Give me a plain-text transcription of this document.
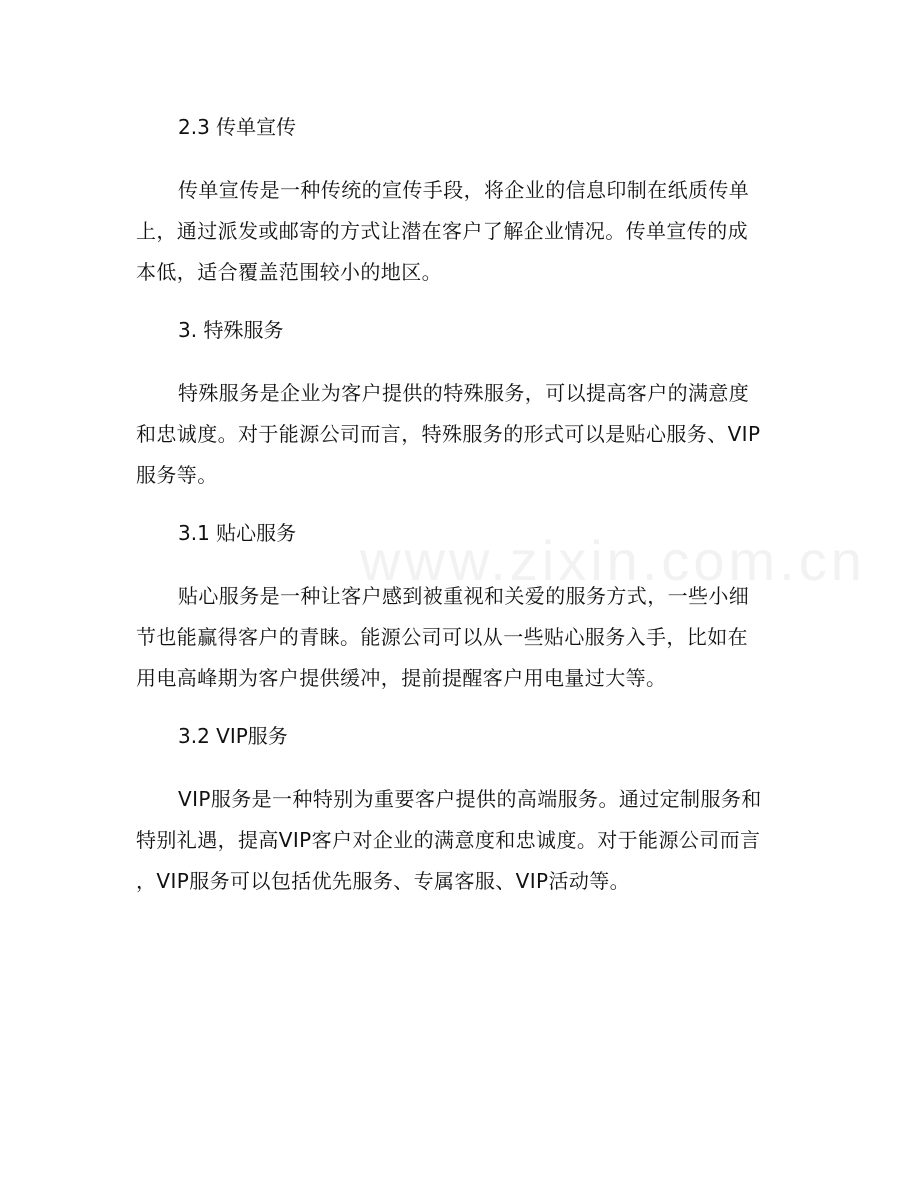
www.zixin.com.cn
2.3 传单宣传
传单宣传是一种传统的宣传手段，将企业的信息印制在纸质传单
上，通过派发或邮寄的方式让潜在客户了解企业情况。传单宣传的成
本低，适合覆盖范围较小的地区。
3. 特殊服务
特殊服务是企业为客户提供的特殊服务，可以提高客户的满意度
和忠诚度。对于能源公司而言，特殊服务的形式可以是贴心服务、VIP
服务等。
3.1 贴心服务
贴心服务是一种让客户感到被重视和关爱的服务方式，一些小细
节也能赢得客户的青睐。能源公司可以从一些贴心服务入手，比如在
用电高峰期为客户提供缓冲，提前提醒客户用电量过大等。
3.2 VIP服务
VIP服务是一种特别为重要客户提供的高端服务。通过定制服务和
特别礼遇，提高VIP客户对企业的满意度和忠诚度。对于能源公司而言
，VIP服务可以包括优先服务、专属客服、VIP活动等。
